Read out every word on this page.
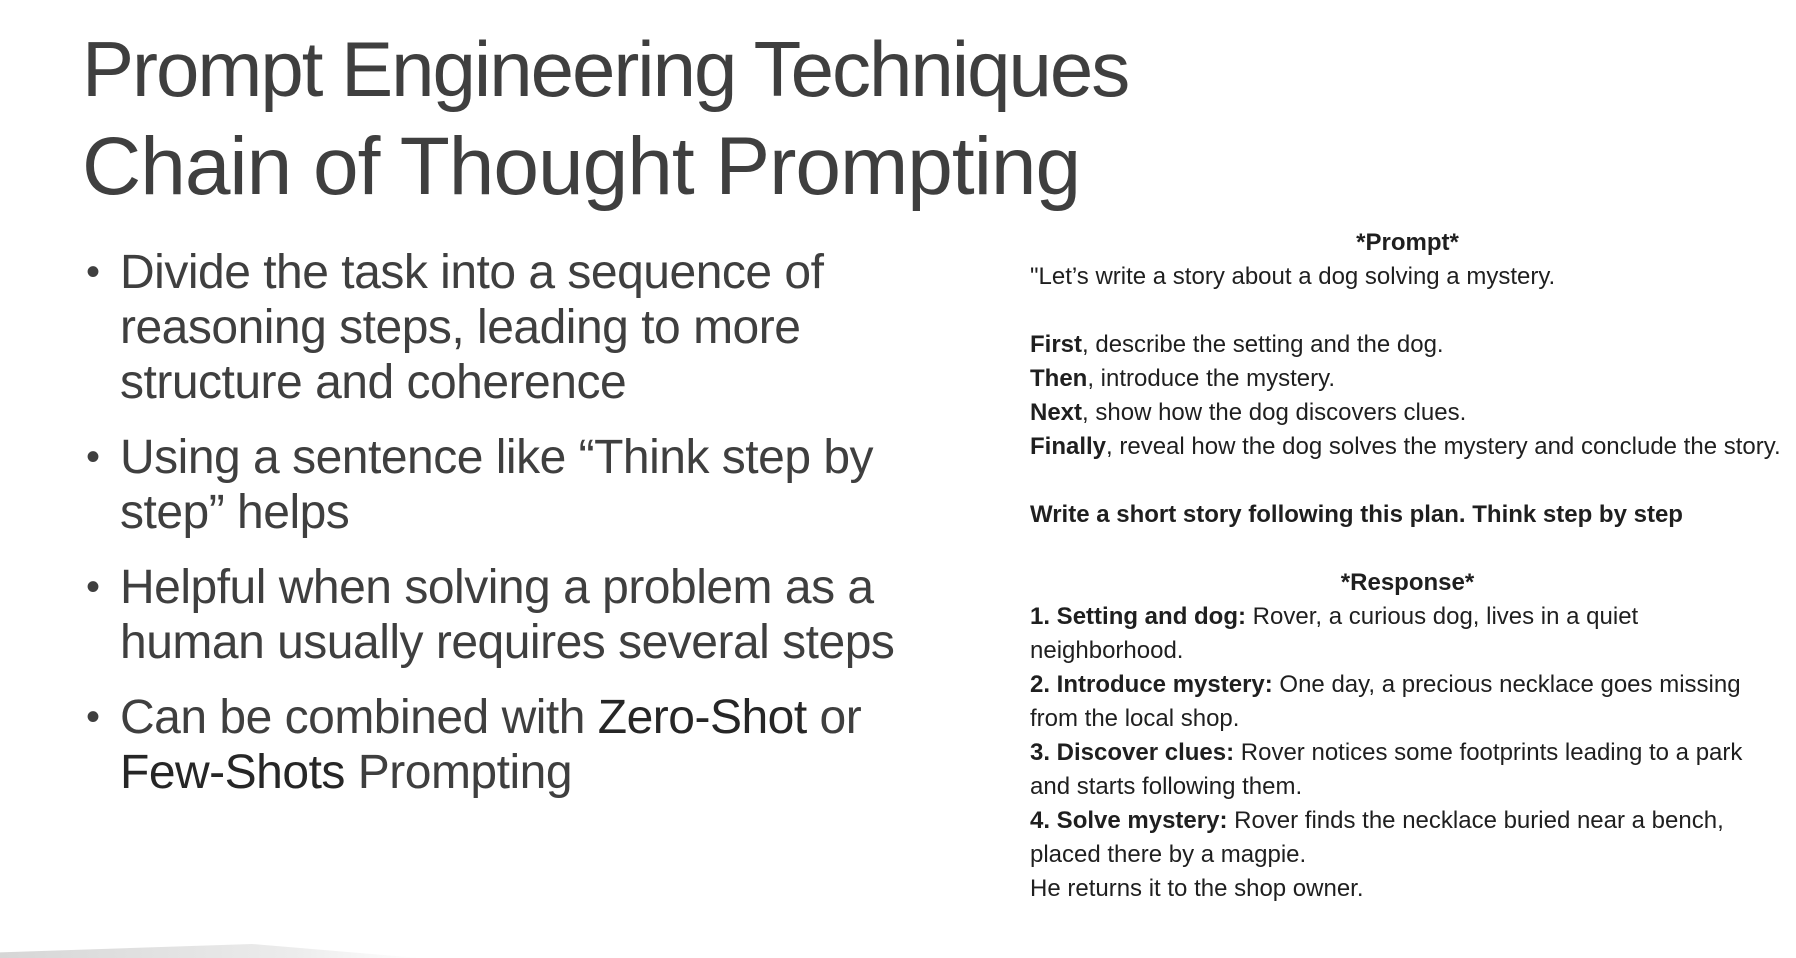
Prompt Engineering Techniques
Chain of Thought Prompting
• Divide the task into a sequence of reasoning steps, leading to more structure and coherence
• Using a sentence like “Think step by step” helps
• Helpful when solving a problem as a human usually requires several steps
• Can be combined with Zero-Shot or Few-Shots Prompting

*Prompt*

"Let’s write a story about a dog solving a mystery.

First, describe the setting and the dog.

Then, introduce the mystery.

Next, show how the dog discovers clues.

Finally, reveal how the dog solves the mystery and conclude the story.

Write a short story following this plan. Think step by step

*Response*

1. Setting and dog: Rover, a curious dog, lives in a quiet neighborhood.

2. Introduce mystery: One day, a precious necklace goes missing from the local shop.

3. Discover clues: Rover notices some footprints leading to a park and starts following them.

4. Solve mystery: Rover finds the necklace buried near a bench, placed there by a magpie.

He returns it to the shop owner.
